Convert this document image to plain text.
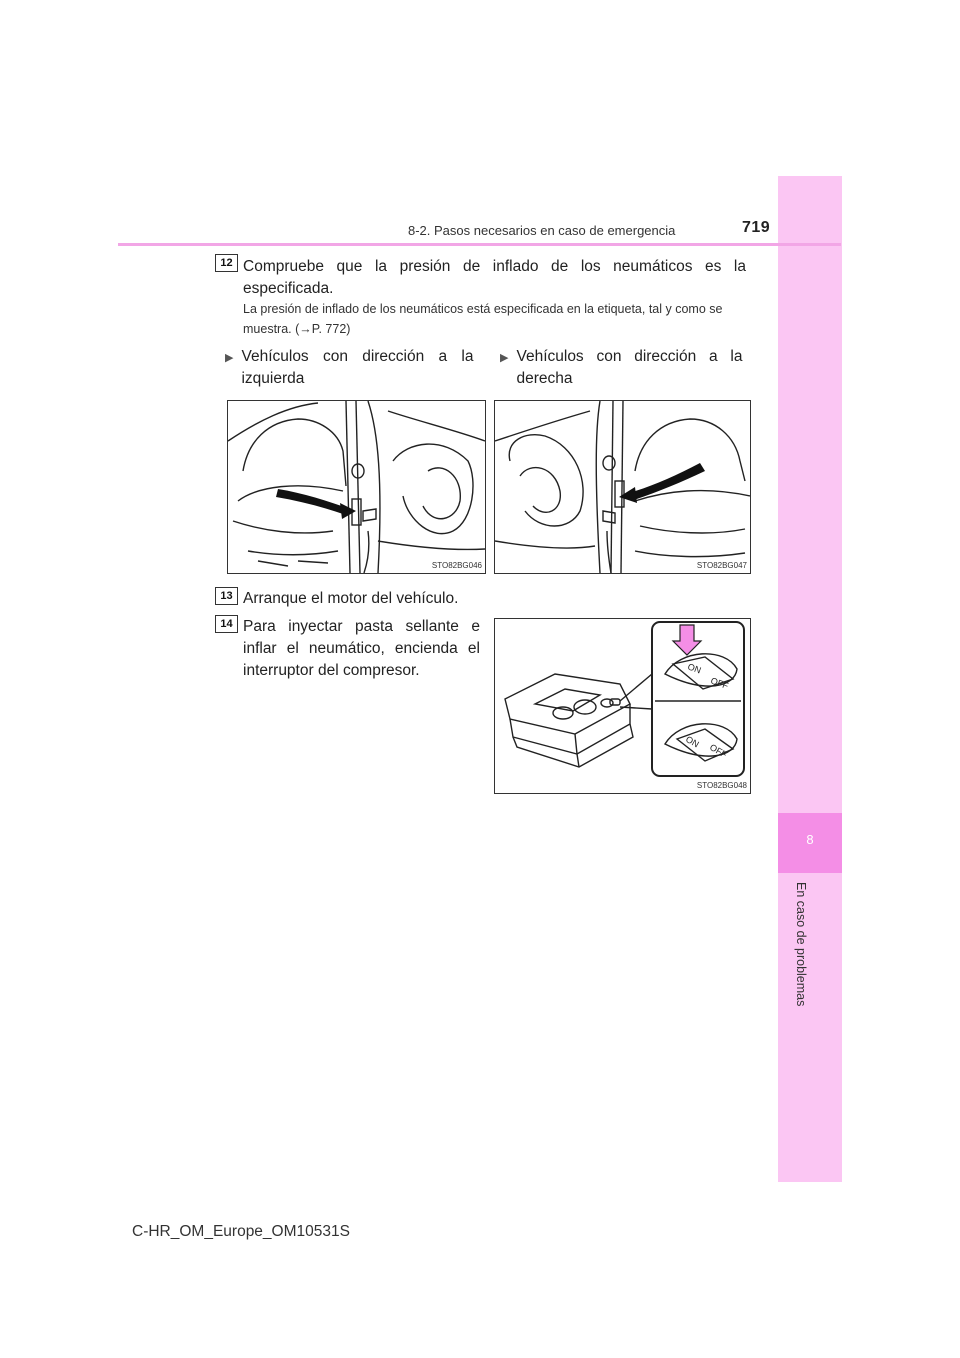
8
En caso de problemas
8-2. Pasos necesarios en caso de emergencia	719
12 Compruebe que la presión de inflado de los neumáticos es la especificada.
La presión de inflado de los neumáticos está especificada en la etiqueta, tal y como se muestra. (→P. 772)
▶ Vehículos con dirección a la izquierda
▶ Vehículos con dirección a la derecha
STO82BG046	STO82BG047
13 Arranque el motor del vehículo.
14 Para inyectar pasta sellante e inflar el neumático, encienda el interruptor del compresor.	ON
OFF
ON
OFF
STO82BG048
C-HR_OM_Europe_OM10531S
